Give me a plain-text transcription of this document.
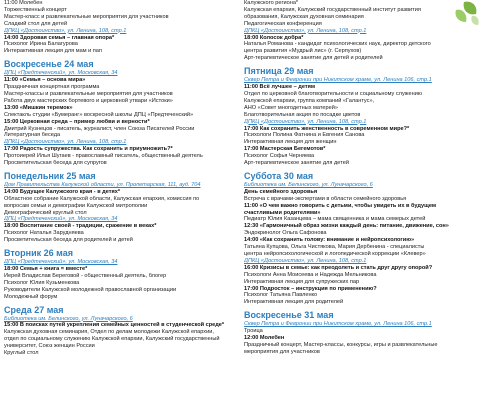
11:00 Молебен
Торжественный концерт
Мастер-класс и развлекательные мероприятия для участников
Сладкий стол для детей
ДПКЦ «Достоинство», ул. Ленина, 108, стр.1
14:00 Здоровая семья – главная опора*
Психолог Ирина Балагурова
Интерактивная лекция для мам и пап
Воскресенье 24 мая
ДПЦ «Предтеченский», ул. Московская, 34
11:00 «Семья – основа мира»
Праздничная концертная программа
Мастер-классы и развлекательные мероприятия для участников
Работа двух мастерских бортевого и церковной утвари «Истоки»
13:00 «Мишкин теремок»
Спектакль студии «Бумеранг» воскресной школы ДПЦ «Предтеченский»
15:00 Церковная среда – пример любви и верности*
Дмитрий Кузнецов - писатель, журналист, член Союза Писателей России
Литературная беседа
ДПКЦ «Достоинство», ул. Ленина, 108, стр.1
17:00 Радость супружества. Как сохранить и приумножить?*
Протоиерей Илья Шугаев - православный писатель, общественный деятель
Просветительская беседа для супругов
Понедельник 25 мая
Дом Правительства Калужской области, ул. Пролетарская, 111, ауд. 704
14:00 Будущее Калужского края - в детях*
Областное собрание Калужской области, Калужская епархия, комиссия по
вопросам семьи и демографии Калужской митрополии
Демографический круглый стол
ДПЦ «Предтеченский», ул. Московская, 34
18:00 Воспитание своей - традиции, сражение в веках*
Психолог Наталья Зарудняева
Просветительская беседа для родителей и детей
Вторник 26 мая
ДПЦ «Предтеченский», ул. Московская, 34
18:00 Семья + книга = вместе*
Иерей Владислав Береговой - общественный деятель, блогер
Психолог Юлия Кузьменкова
Руководители Калужской молодежной православной организации
Молодежный форум
Среда 27 мая
Библиотека им. Белинского, ул. Луначарского, 6
15:00 В поисках путей укрепления семейных ценностей в студенческой среде*
Калужская духовная семинария, Отдел по делам молодежи Калужской епархии,
отдел по социальному служению Калужской епархии, Калужский государственный
университет, Союз женщин России
Круглый стол
Калужского региона*
Калужская епархия, Калужский государственный институт развития
образования, Калужская духовная семинария
Педагогическая конференция
ДПКЦ «Достоинство», ул. Ленина, 108, стр.1
18:00 Колосок добра*
Наталья Романова - кандидат психологических наук, директор детского
центра развития «Мудрый лис» (г. Серпухов)
Арт-терапевтическое занятие для детей и родителей
Пятница 29 мая
Сквер Петра и Февронии при Никитском храме, ул. Ленина 106, стр.1
11:00 Всё лучшее – детям
Отдел по церковной благотворительности и социальному служению
Калужской епархии, группа компаний «Галантус»,
АНО «Совет многодетных матерей»
Благотворительная акция по посадке цветов
ДПКЦ «Достоинство», ул. Ленина, 108, стр.1
17:00 Как сохранить женственность в современном мире?*
Психологи Полина Фатнина и Евгения Санова
Интерактивная лекция для женщин
17:00 Мастерская Бегемотов*
Психолог Софья Черняева
Арт-терапевтическое занятие для детей
Суббота 30 мая
Библиотека им. Белинского, ул. Луначарского, 6
День семейного здоровья
Встреча с врачами-экспертами в области семейного здоровья
11:00 «О чем важно говорить с детьми, чтобы увидеть их в будущем
счастливыми родителями»
Педиатр Юлия Казанцева – мама священника и мама семерых детей
12:30 «Гармоничный образ жизни каждый день: питание, движение, сон»
Эндокринолог Ольга Сафонова
14:00 «Как сохранить голову: внимание и нейропсихологию»
Татьяна Купцова, Ольга Чистякова, Мария Дербенина - специалисты
центра нейропсихологической и логопедической коррекции «Клевер»
ДПКЦ «Достоинство», ул. Ленина, 108, стр.1
16:00 Кризисы в семье: как преодолеть и стать друг другу опорой?
Психологи Анна Моисеева и Надежда Мельникова
Интерактивная лекция для супружеских пар
17:00 Подросток – инструкция по применению?
Психолог Татьяна Павленко
Интерактивная лекция для родителей
Воскресенье 31 мая
Сквер Петра и Февронии при Никитском храме, ул. Ленина 106, стр.1
Троица
12:00 Молебен
Праздничный концерт, Мастер-классы, конкурсы, игры и развлекательные
мероприятия для участников
